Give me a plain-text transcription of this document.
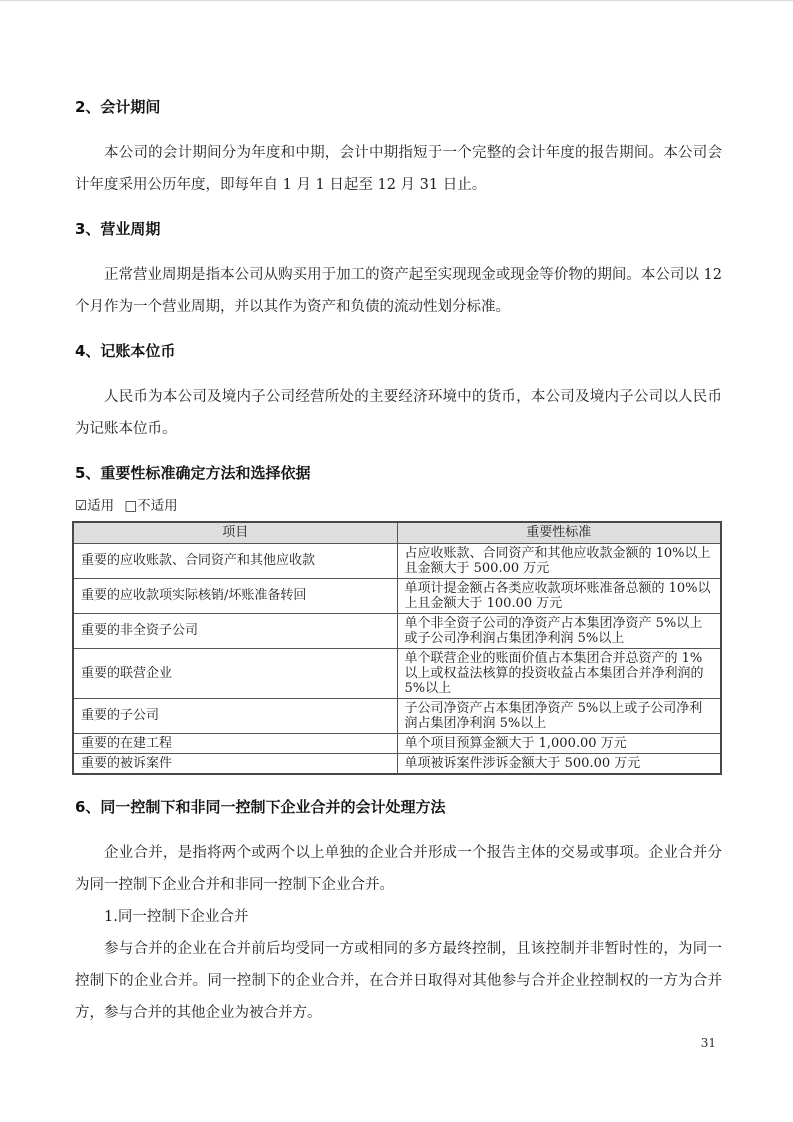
2、会计期间

本公司的会计期间分为年度和中期，会计中期指短于一个完整的会计年度的报告期间。本公司会计年度采用公历年度，即每年自 1 月 1 日起至 12 月 31 日止。

3、营业周期

正常营业周期是指本公司从购买用于加工的资产起至实现现金或现金等价物的期间。本公司以 12 个月作为一个营业周期，并以其作为资产和负债的流动性划分标准。

4、记账本位币

人民币为本公司及境内子公司经营所处的主要经济环境中的货币，本公司及境内子公司以人民币为记账本位币。

5、重要性标准确定方法和选择依据
☑适用 □不适用
项目	重要性标准
重要的应收账款、合同资产和其他应收款	占应收账款、合同资产和其他应收款金额的 10%以上且金额大于 500.00 万元
重要的应收款项实际核销/坏账准备转回	单项计提金额占各类应收款项坏账准备总额的 10%以上且金额大于 100.00 万元
重要的非全资子公司	单个非全资子公司的净资产占本集团净资产 5%以上或子公司净利润占集团净利润 5%以上
重要的联营企业	单个联营企业的账面价值占本集团合并总资产的 1%以上或权益法核算的投资收益占本集团合并净利润的 5%以上
重要的子公司	子公司净资产占本集团净资产 5%以上或子公司净利润占集团净利润 5%以上
重要的在建工程	单个项目预算金额大于 1,000.00 万元
重要的被诉案件	单项被诉案件涉诉金额大于 500.00 万元
6、同一控制下和非同一控制下企业合并的会计处理方法

企业合并，是指将两个或两个以上单独的企业合并形成一个报告主体的交易或事项。企业合并分为同一控制下企业合并和非同一控制下企业合并。

1.同一控制下企业合并

参与合并的企业在合并前后均受同一方或相同的多方最终控制，且该控制并非暂时性的，为同一控制下的企业合并。同一控制下的企业合并，在合并日取得对其他参与合并企业控制权的一方为合并方，参与合并的其他企业为被合并方。

31
